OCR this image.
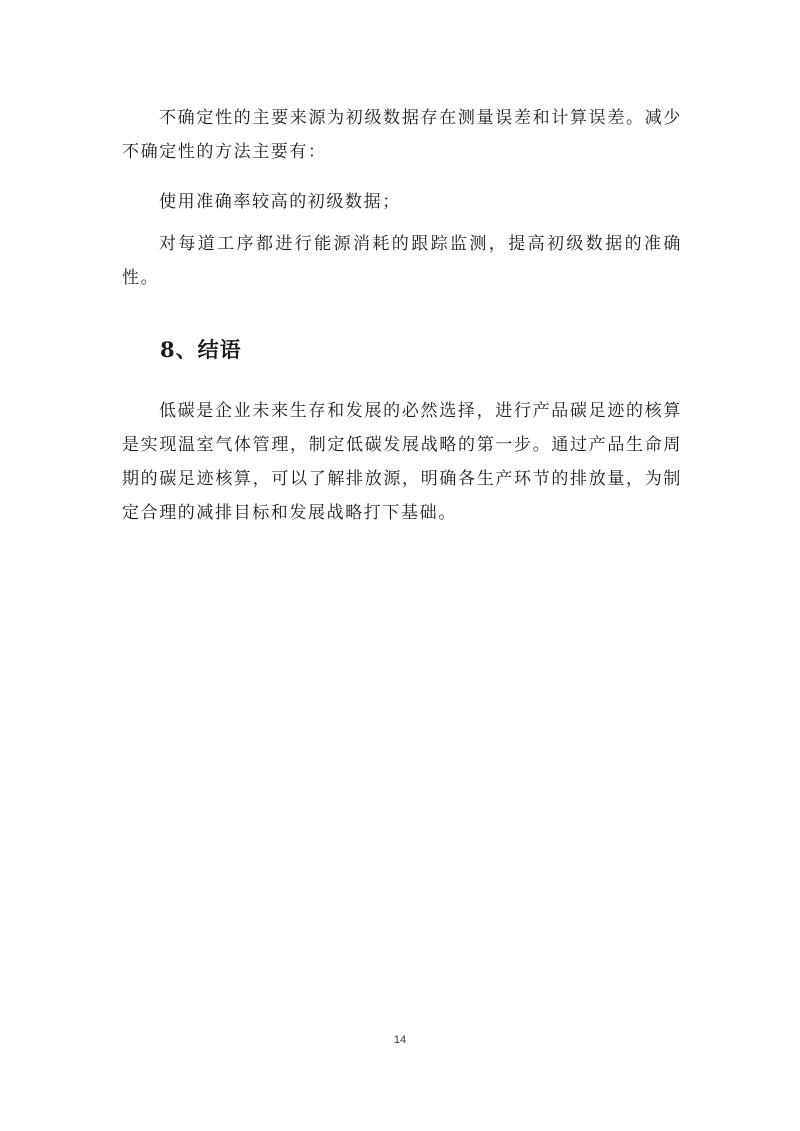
不确定性的主要来源为初级数据存在测量误差和计算误差。减少不确定性的方法主要有：

使用准确率较高的初级数据；

对每道工序都进行能源消耗的跟踪监测，提高初级数据的准确性。

8、结语

低碳是企业未来生存和发展的必然选择，进行产品碳足迹的核算是实现温室气体管理，制定低碳发展战略的第一步。通过产品生命周期的碳足迹核算，可以了解排放源，明确各生产环节的排放量，为制定合理的减排目标和发展战略打下基础。

14
